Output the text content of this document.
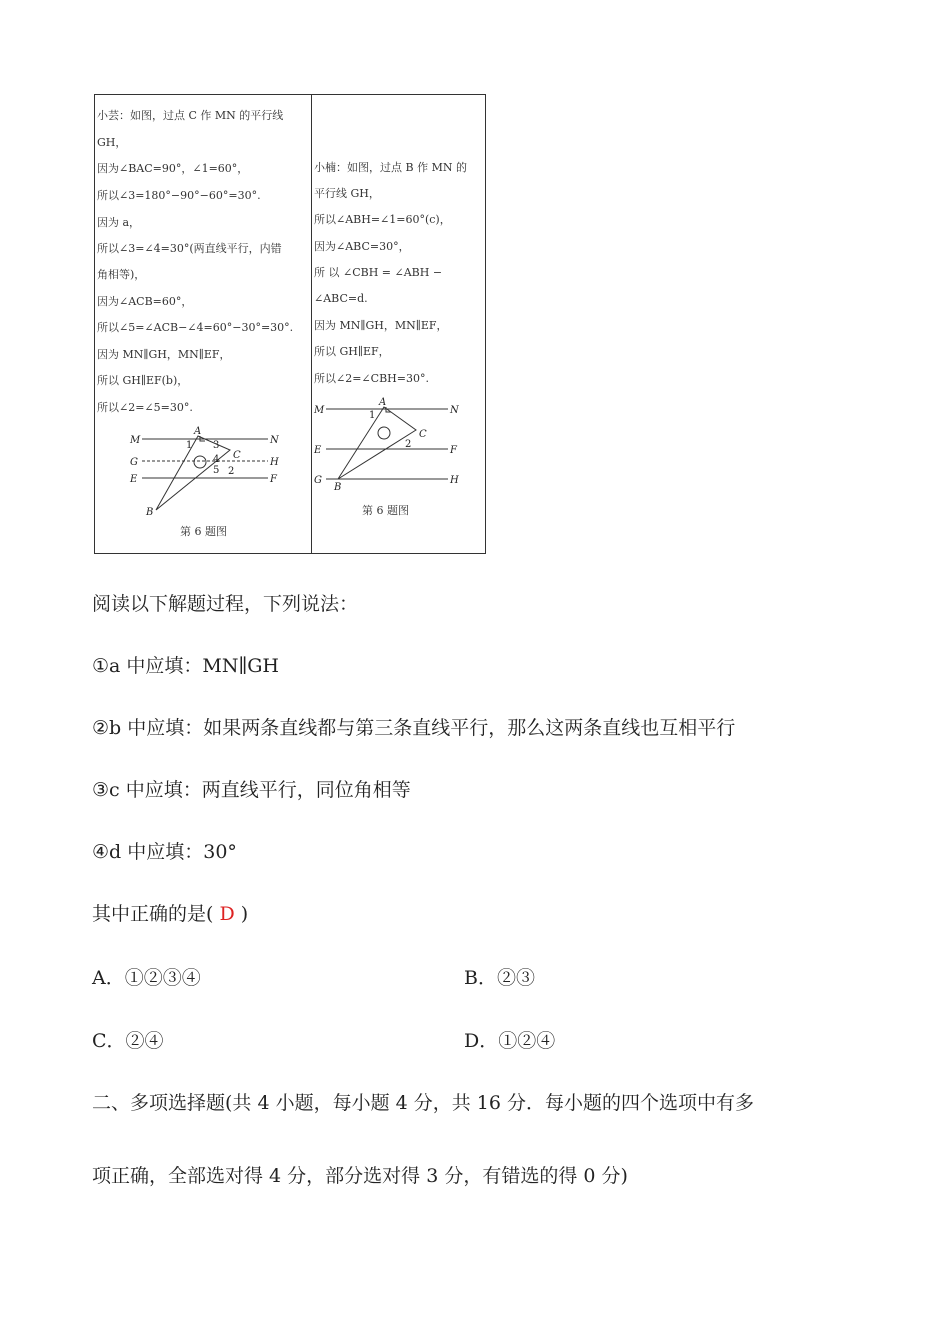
小芸：如图，过点 C 作 MN 的平行线
GH，
因为∠BAC=90°，∠1=60°，
所以∠3=180°−90°−60°=30°.
因为 a，
所以∠3=∠4=30°(两直线平行，内错
角相等)，
因为∠ACB=60°，
所以∠5=∠ACB−∠4=60°−30°=30°.
因为 MN∥GH，MN∥EF，
所以 GH∥EF(b)，
所以∠2=∠5=30°.
M	N
A
1 3
G	H
C
4
5 2
E	F
B
第 6 题图
小楠：如图，过点 B 作 MN 的
平行线 GH，
所以∠ABH=∠1=60°(c)，
因为∠ABC=30°，
所 以 ∠CBH = ∠ABH −
∠ABC=d.
因为 MN∥GH，MN∥EF，
所以 GH∥EF，
所以∠2=∠CBH=30°.
M	N
A
1
C
E	F
2
G	H
B
第 6 题图
阅读以下解题过程，下列说法：
①a 中应填：MN∥GH
②b 中应填：如果两条直线都与第三条直线平行，那么这两条直线也互相平行
③c 中应填：两直线平行，同位角相等
④d 中应填：30°
其中正确的是( D )
A．①②③④	B．②③
C．②④	D．①②④
二、多项选择题(共 4 小题，每小题 4 分，共 16 分．每小题的四个选项中有多
项正确，全部选对得 4 分，部分选对得 3 分，有错选的得 0 分)
